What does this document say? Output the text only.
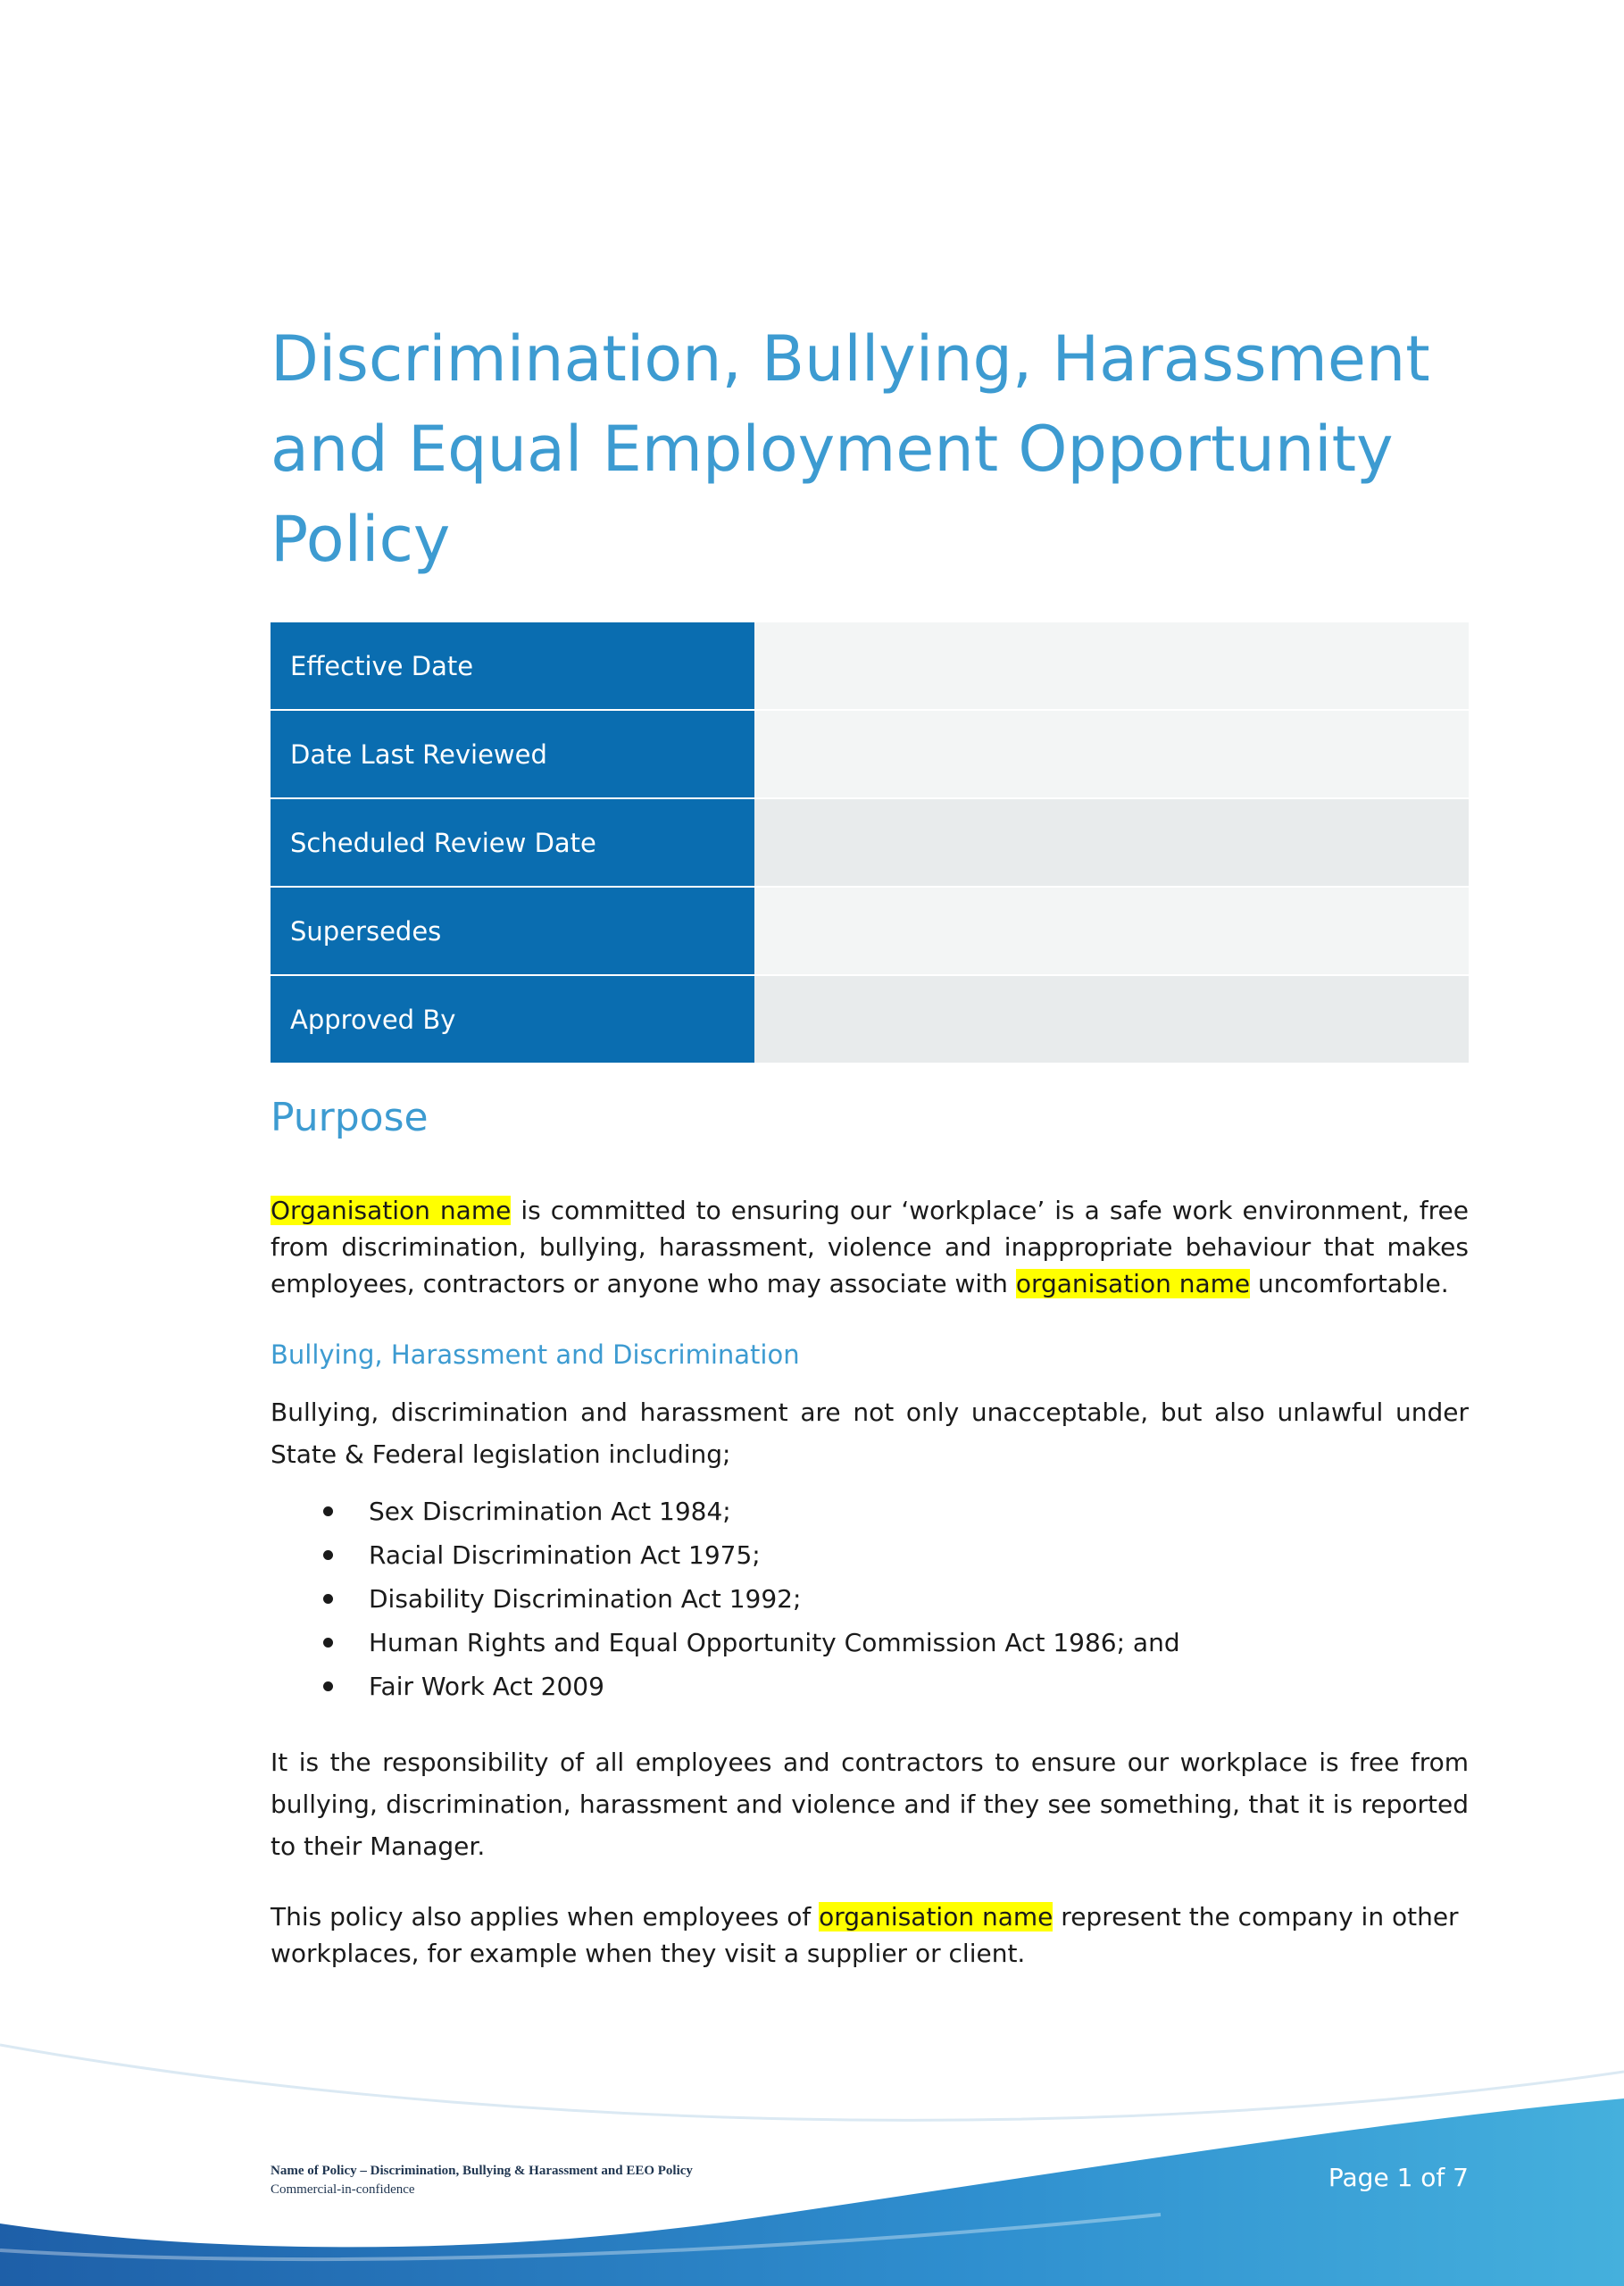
Discrimination, Bullying, Harassment and Equal Employment Opportunity Policy
Effective Date	
Date Last Reviewed	
Scheduled Review Date	
Supersedes	
Approved By	
Purpose

Organisation name is committed to ensuring our ‘workplace’ is a safe work environment, free from discrimination, bullying, harassment, violence and inappropriate behaviour that makes employees, contractors or anyone who may associate with organisation name uncomfortable.

Bullying, Harassment and Discrimination

Bullying, discrimination and harassment are not only unacceptable, but also unlawful under State & Federal legislation including;

Sex Discrimination Act 1984;
Racial Discrimination Act 1975;
Disability Discrimination Act 1992;
Human Rights and Equal Opportunity Commission Act 1986; and
Fair Work Act 2009

It is the responsibility of all employees and contractors to ensure our workplace is free from bullying, discrimination, harassment and violence and if they see something, that it is reported to their Manager.

This policy also applies when employees of organisation name represent the company in other workplaces, for example when they visit a supplier or client.

Name of Policy – Discrimination, Bullying & Harassment and EEO Policy
Commercial-in-confidence	Page 1 of 7
